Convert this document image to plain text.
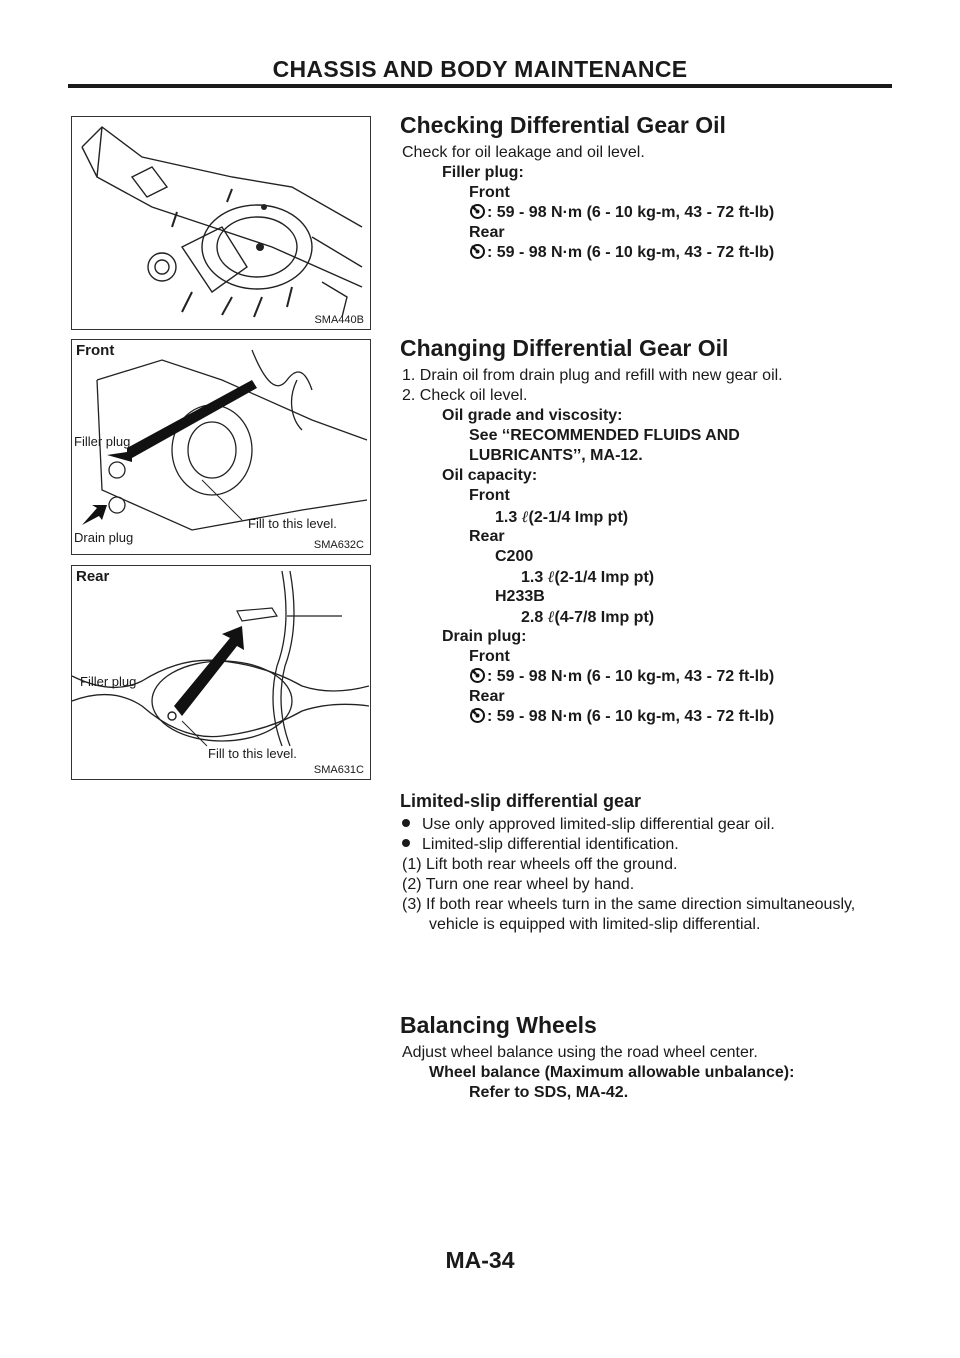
CHASSIS AND BODY MAINTENANCE
SMA440B
Front
Filler plug
Drain plug
Fill to this level.
SMA632C
Rear
Filler plug
Fill to this level.
SMA631C
Checking Differential Gear Oil
Check for oil leakage and oil level.
Filler plug:
Front
: 59 - 98 N·m (6 - 10 kg-m, 43 - 72 ft-lb)
Rear
: 59 - 98 N·m (6 - 10 kg-m, 43 - 72 ft-lb)
Changing Differential Gear Oil
1. Drain oil from drain plug and refill with new gear oil.
2. Check oil level.
Oil grade and viscosity:
See ‘‘RECOMMENDED FLUIDS AND
LUBRICANTS’’, MA-12.
Oil capacity:
Front
1.3 ℓ(2-1/4 Imp pt)
Rear
C200
1.3 ℓ(2-1/4 Imp pt)
H233B
2.8 ℓ(4-7/8 Imp pt)
Drain plug:
Front
: 59 - 98 N·m (6 - 10 kg-m, 43 - 72 ft-lb)
Rear
: 59 - 98 N·m (6 - 10 kg-m, 43 - 72 ft-lb)
Limited-slip differential gear
Use only approved limited-slip differential gear oil.
Limited-slip differential identification.
(1) Lift both rear wheels off the ground.
(2) Turn one rear wheel by hand.
(3) If both rear wheels turn in the same direction simultaneously,
vehicle is equipped with limited-slip differential.
Balancing Wheels
Adjust wheel balance using the road wheel center.
Wheel balance (Maximum allowable unbalance):
Refer to SDS, MA-42.
MA-34
